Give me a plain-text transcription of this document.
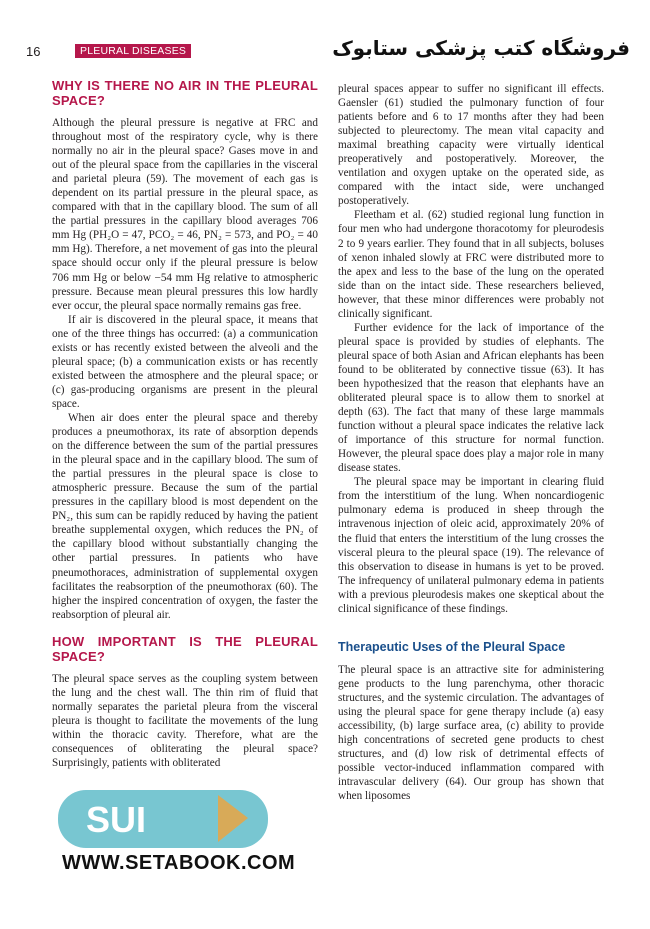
16	PLEURAL DISEASES	فروشگاه کتب پزشکی ستابوک
WHY IS THERE NO AIR IN THE PLEURAL SPACE?

Although the pleural pressure is negative at FRC and throughout most of the respiratory cycle, why is there normally no air in the pleural space? Gases move in and out of the pleural space from the capillaries in the visceral and parietal pleura (59). The movement of each gas is dependent on its partial pressure in the pleural space, as compared with that in the capillary blood. The sum of all the partial pressures in the capillary blood averages 706 mm Hg (PH₂O = 47, PCO₂ = 46, PN₂ = 573, and PO₂ = 40 mm Hg). Therefore, a net movement of gas into the pleural space should occur only if the pleural pressure is below 706 mm Hg or below −54 mm Hg relative to atmospheric pressure. Because mean pleural pressures this low hardly ever occur, the pleural space normally remains gas free.

If air is discovered in the pleural space, it means that one of the three things has occurred: (a) a communication exists or has recently existed between the alveoli and the pleural space; (b) a communication exists or has recently existed between the atmosphere and the pleural space; or (c) gas-producing organisms are present in the pleural space.

When air does enter the pleural space and thereby produces a pneumothorax, its rate of absorption depends on the difference between the sum of the partial pressures in the pleural space and in the capillary blood. The sum of the partial pressures in the pleural space is close to atmospheric pressure. Because the sum of the partial pressures in the capillary blood is most dependent on the PN₂, this sum can be rapidly reduced by having the patient breathe supplemental oxygen, which reduces the PN₂ of the capillary blood without substantially changing the other partial pressures. In patients who have pneumothoraces, administration of supplemental oxygen facilitates the reabsorption of the pneumothorax (60). The higher the inspired concentration of oxygen, the faster the reabsorption of pleural air.

HOW IMPORTANT IS THE PLEURAL SPACE?

The pleural space serves as the coupling system between the lung and the chest wall. The thin rim of fluid that normally separates the parietal pleura from the visceral pleura is thought to facilitate the movements of the lung within the thoracic cavity. Therefore, what are the consequences of obliterating the pleural space? Surprisingly, patients with obliterated

pleural spaces appear to suffer no significant ill effects. Gaensler (61) studied the pulmonary function of four patients before and 6 to 17 months after they had been subjected to pleurectomy. The mean vital capacity and maximal breathing capacity were virtually identical preoperatively and postoperatively. Moreover, the ventilation and oxygen uptake on the operated side, as compared with the intact side, were unchanged postoperatively.

Fleetham et al. (62) studied regional lung function in four men who had undergone thoracotomy for pleurodesis 2 to 9 years earlier. They found that in all subjects, boluses of xenon inhaled slowly at FRC were distributed more to the apex and less to the base of the lung on the operated side than on the intact side. These researchers believed, however, that these minor differences were probably not clinically significant.

Further evidence for the lack of importance of the pleural space is provided by studies of elephants. The pleural space of both Asian and African elephants has been found to be obliterated by connective tissue (63). It has been hypothesized that the reason that elephants have an obliterated pleural space is to allow them to snorkel at depth (63). The fact that many of these large mammals function without a pleural space indicates the relative lack of importance of this structure for normal function. However, the pleural space does play a major role in many disease states.

The pleural space may be important in clearing fluid from the interstitium of the lung. When noncardiogenic pulmonary edema is produced in sheep through the intravenous injection of oleic acid, approximately 20% of the fluid that enters the interstitium of the lung crosses the visceral pleura to the pleural space (19). The relevance of this observation to disease in humans is yet to be proved. The infrequency of unilateral pulmonary edema in patients with a previous pleurodesis makes one skeptical about the clinical significance of these findings.

Therapeutic Uses of the Pleural Space

The pleural space is an attractive site for administering gene products to the lung parenchyma, other thoracic structures, and the systemic circulation. The advantages of using the pleural space for gene therapy include (a) easy accessibility, (b) large surface area, (c) ability to provide high concentrations of secreted gene products to chest structures, and (d) low risk of detrimental effects of possible vector-induced inflammation compared with intravascular delivery (64). Our group has shown that when liposomes

SUI
WWW.SETABOOK.COM
